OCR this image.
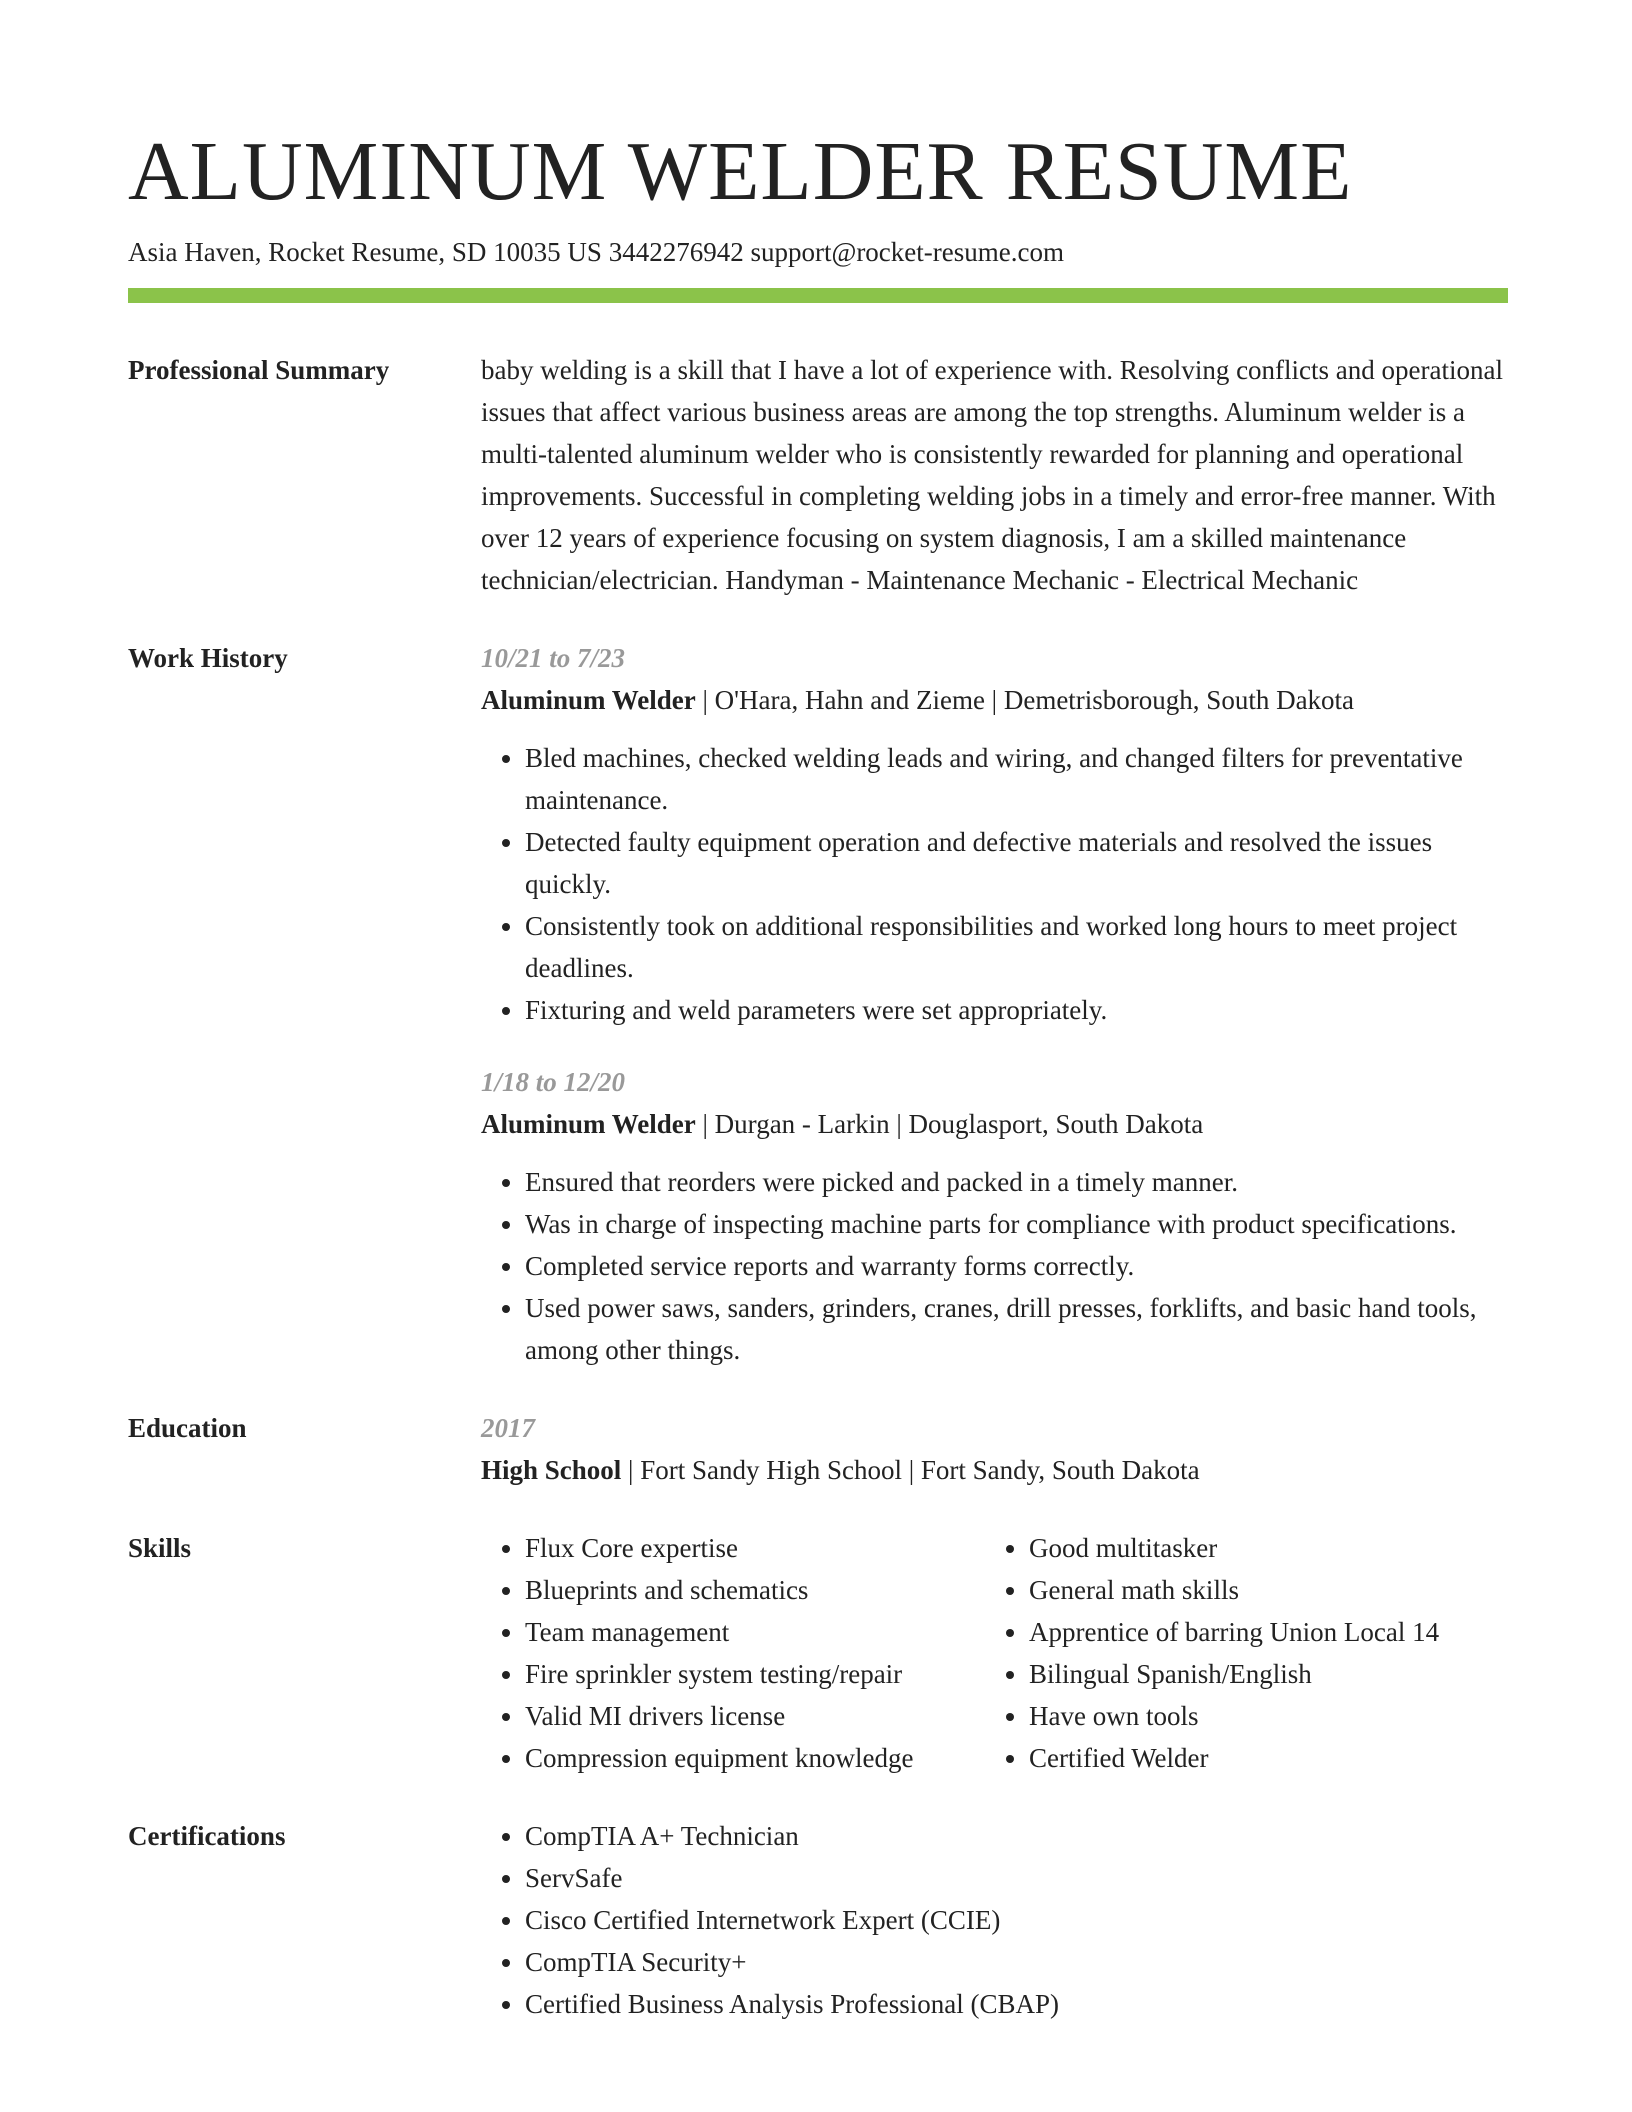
ALUMINUM WELDER RESUME
Asia Haven, Rocket Resume, SD 10035 US 3442276942 support@rocket-resume.com
Professional Summary	baby welding is a skill that I have a lot of experience with. Resolving conflicts and operational issues that affect various business areas are among the top strengths. Aluminum welder is a multi-talented aluminum welder who is consistently rewarded for planning and operational improvements. Successful in completing welding jobs in a timely and error-free manner. With over 12 years of experience focusing on system diagnosis, I am a skilled maintenance technician/electrician. Handyman - Maintenance Mechanic - Electrical Mechanic

Work History	10/21 to 7/23
Aluminum Welder | O'Hara, Hahn and Zieme | Demetrisborough, South Dakota
• Bled machines, checked welding leads and wiring, and changed filters for preventative maintenance.
• Detected faulty equipment operation and defective materials and resolved the issues quickly.
• Consistently took on additional responsibilities and worked long hours to meet project deadlines.
• Fixturing and weld parameters were set appropriately.
1/18 to 12/20
Aluminum Welder | Durgan - Larkin | Douglasport, South Dakota
• Ensured that reorders were picked and packed in a timely manner.
• Was in charge of inspecting machine parts for compliance with product specifications.
• Completed service reports and warranty forms correctly.
• Used power saws, sanders, grinders, cranes, drill presses, forklifts, and basic hand tools, among other things.
Education	2017
High School | Fort Sandy High School | Fort Sandy, South Dakota
Skills	• Flux Core expertise
• Blueprints and schematics
• Team management
• Fire sprinkler system testing/repair
• Valid MI drivers license
• Compression equipment knowledge
• Good multitasker
• General math skills
• Apprentice of barring Union Local 14
• Bilingual Spanish/English
• Have own tools
• Certified Welder
Certifications	• CompTIA A+ Technician
• ServSafe
• Cisco Certified Internetwork Expert (CCIE)
• CompTIA Security+
• Certified Business Analysis Professional (CBAP)
